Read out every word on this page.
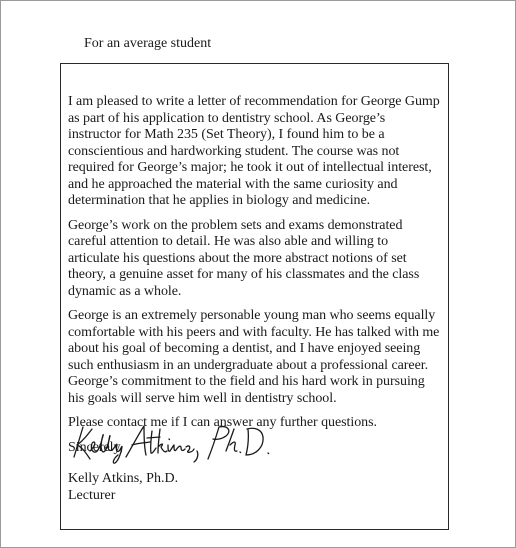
For an average student

I am pleased to write a letter of recommendation for George Gump as part of his application to dentistry school. As George’s instructor for Math 235 (Set Theory), I found him to be a conscientious and hardworking student. The course was not required for George’s major; he took it out of intellectual interest, and he approached the material with the same curiosity and determination that he applies in biology and medicine.

George’s work on the problem sets and exams demonstrated careful attention to detail. He was also able and willing to articulate his questions about the more abstract notions of set theory, a genuine asset for many of his classmates and the class dynamic as a whole.

George is an extremely personable young man who seems equally comfortable with his peers and with faculty. He has talked with me about his goal of becoming a dentist, and I have enjoyed seeing such enthusiasm in an undergraduate about a professional career. George’s commitment to the field and his hard work in pursuing his goals will serve him well in dentistry school.

Please contact me if I can answer any further questions.

Sincerely,

Kelly Atkins, Ph.D.
Lecturer
